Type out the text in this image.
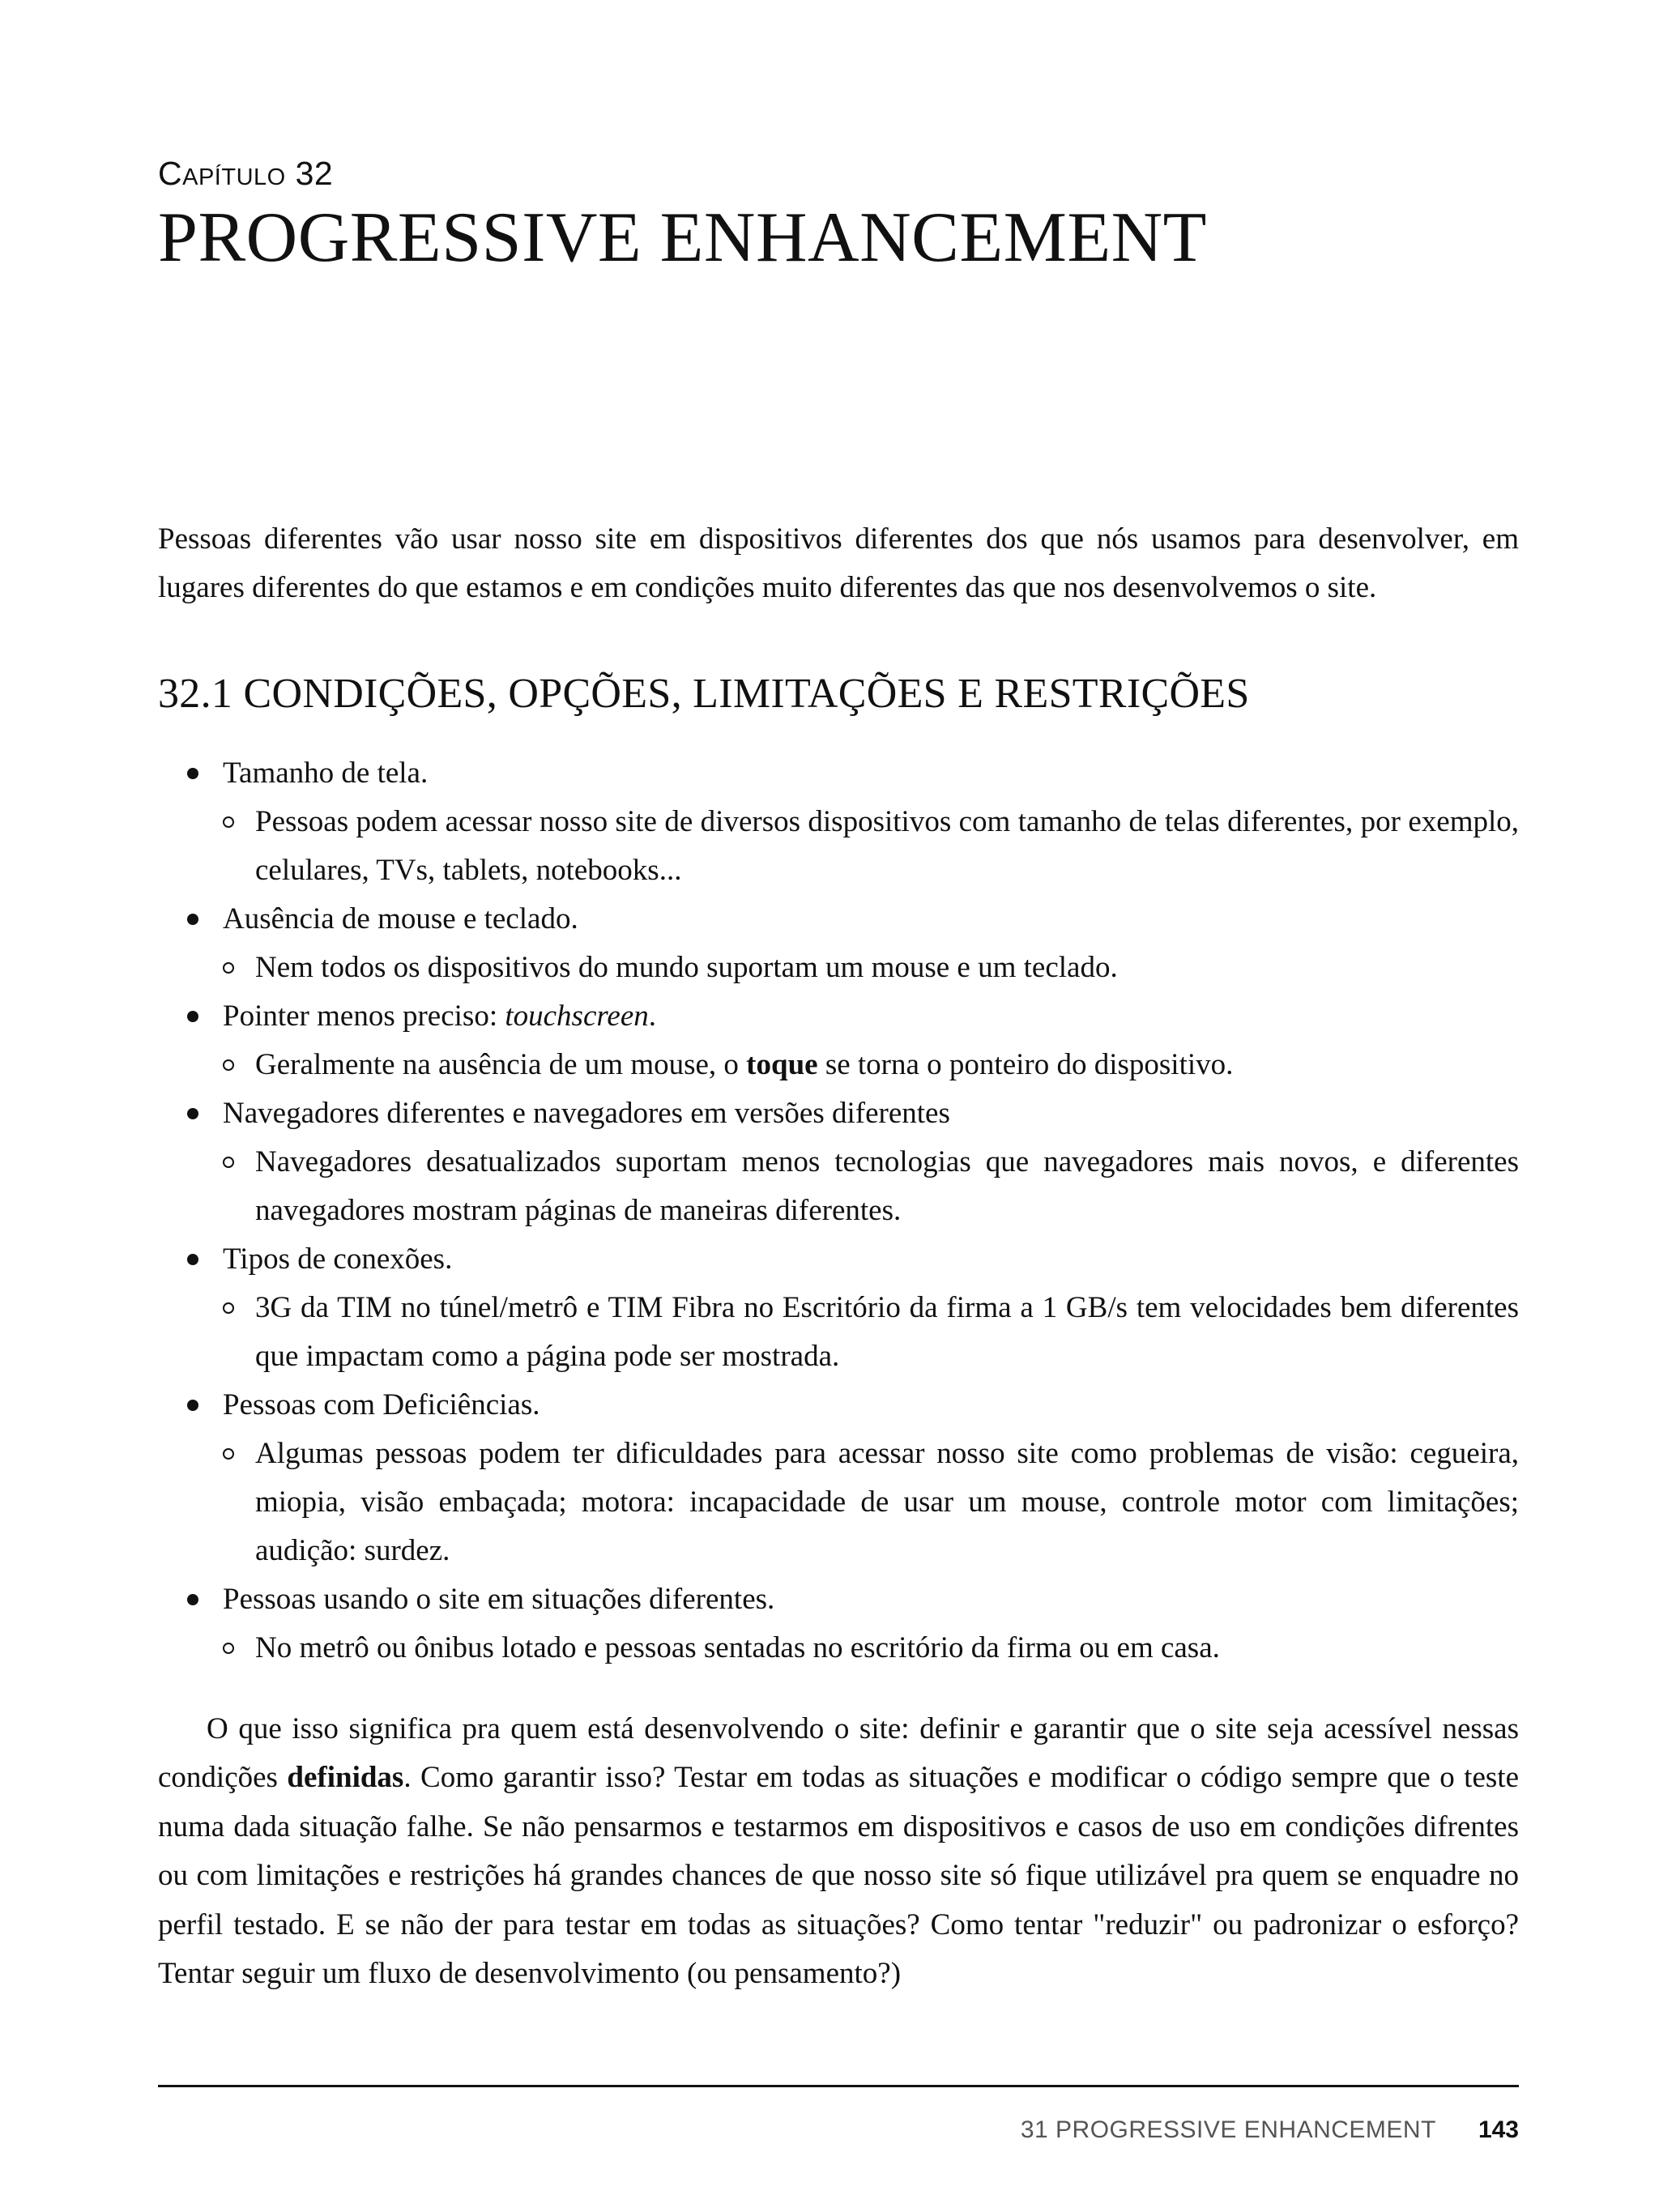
Capítulo 32

PROGRESSIVE ENHANCEMENT

Pessoas diferentes vão usar nosso site em dispositivos diferentes dos que nós usamos para desenvolver, em lugares diferentes do que estamos e em condições muito diferentes das que nos desenvolvemos o site.

32.1 CONDIÇÕES, OPÇÕES, LIMITAÇÕES E RESTRIÇÕES
Tamanho de tela.
Pessoas podem acessar nosso site de diversos dispositivos com tamanho de telas diferentes, por exemplo, celulares, TVs, tablets, notebooks...
Ausência de mouse e teclado.
Nem todos os dispositivos do mundo suportam um mouse e um teclado.
Pointer menos preciso: touchscreen.
Geralmente na ausência de um mouse, o toque se torna o ponteiro do dispositivo.
Navegadores diferentes e navegadores em versões diferentes
Navegadores desatualizados suportam menos tecnologias que navegadores mais novos, e diferentes navegadores mostram páginas de maneiras diferentes.
Tipos de conexões.
3G da TIM no túnel/metrô e TIM Fibra no Escritório da firma a 1 GB/s tem velocidades bem diferentes que impactam como a página pode ser mostrada.
Pessoas com Deficiências.
Algumas pessoas podem ter dificuldades para acessar nosso site como problemas de visão: cegueira, miopia, visão embaçada; motora: incapacidade de usar um mouse, controle motor com limitações; audição: surdez.
Pessoas usando o site em situações diferentes.
No metrô ou ônibus lotado e pessoas sentadas no escritório da firma ou em casa.

O que isso significa pra quem está desenvolvendo o site: definir e garantir que o site seja acessível nessas condições definidas. Como garantir isso? Testar em todas as situações e modificar o código sempre que o teste numa dada situação falhe. Se não pensarmos e testarmos em dispositivos e casos de uso em condições difrentes ou com limitações e restrições há grandes chances de que nosso site só fique utilizável pra quem se enquadre no perfil testado. E se não der para testar em todas as situações? Como tentar "reduzir" ou padronizar o esforço? Tentar seguir um fluxo de desenvolvimento (ou pensamento?)

31 PROGRESSIVE ENHANCEMENT 143
